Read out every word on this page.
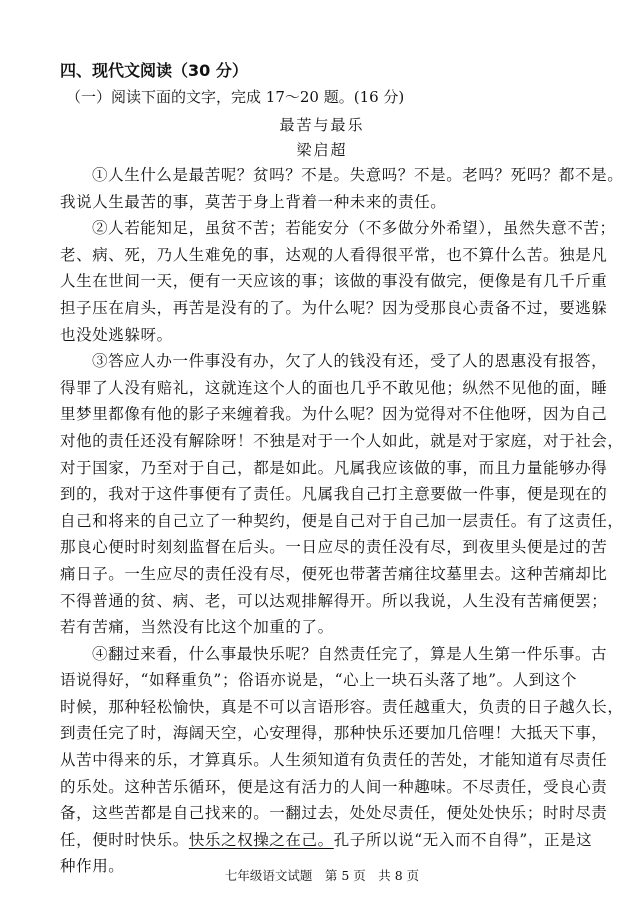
四、现代文阅读（30 分）
（一）阅读下面的文字，完成 17～20 题。(16 分)
最苦与最乐
梁启超
①人生什么是最苦呢？贫吗？不是。失意吗？不是。老吗？死吗？都不是。
我说人生最苦的事，莫苦于身上背着一种未来的责任。
②人若能知足，虽贫不苦；若能安分（不多做分外希望），虽然失意不苦；
老、病、死，乃人生难免的事，达观的人看得很平常，也不算什么苦。独是凡
人生在世间一天，便有一天应该的事；该做的事没有做完，便像是有几千斤重
担子压在肩头，再苦是没有的了。为什么呢？因为受那良心责备不过，要逃躲
也没处逃躲呀。
③答应人办一件事没有办，欠了人的钱没有还，受了人的恩惠没有报答，
得罪了人没有赔礼，这就连这个人的面也几乎不敢见他；纵然不见他的面，睡
里梦里都像有他的影子来缠着我。为什么呢？因为觉得对不住他呀，因为自己
对他的责任还没有解除呀！不独是对于一个人如此，就是对于家庭，对于社会，
对于国家，乃至对于自己，都是如此。凡属我应该做的事，而且力量能够办得
到的，我对于这件事便有了责任。凡属我自己打主意要做一件事，便是现在的
自己和将来的自己立了一种契约，便是自己对于自己加一层责任。有了这责任，
那良心便时时刻刻监督在后头。一日应尽的责任没有尽，到夜里头便是过的苦
痛日子。一生应尽的责任没有尽，便死也带著苦痛往坟墓里去。这种苦痛却比
不得普通的贫、病、老，可以达观排解得开。所以我说，人生没有苦痛便罢；
若有苦痛，当然没有比这个加重的了。
④翻过来看，什么事最快乐呢？自然责任完了，算是人生第一件乐事。古
语说得好，“如释重负”；俗语亦说是，“心上一块石头落了地”。人到这个
时候，那种轻松愉快，真是不可以言语形容。责任越重大，负责的日子越久长，
到责任完了时，海阔天空，心安理得，那种快乐还要加几倍哩！大抵天下事，
从苦中得来的乐，才算真乐。人生须知道有负责任的苦处，才能知道有尽责任
的乐处。这种苦乐循环，便是这有活力的人间一种趣味。不尽责任，受良心责
备，这些苦都是自己找来的。一翻过去，处处尽责任，便处处快乐；时时尽责
任，便时时快乐。快乐之权操之在己。孔子所以说“无入而不自得”，正是这
种作用。
七年级语文试题　第 5 页　共 8 页
